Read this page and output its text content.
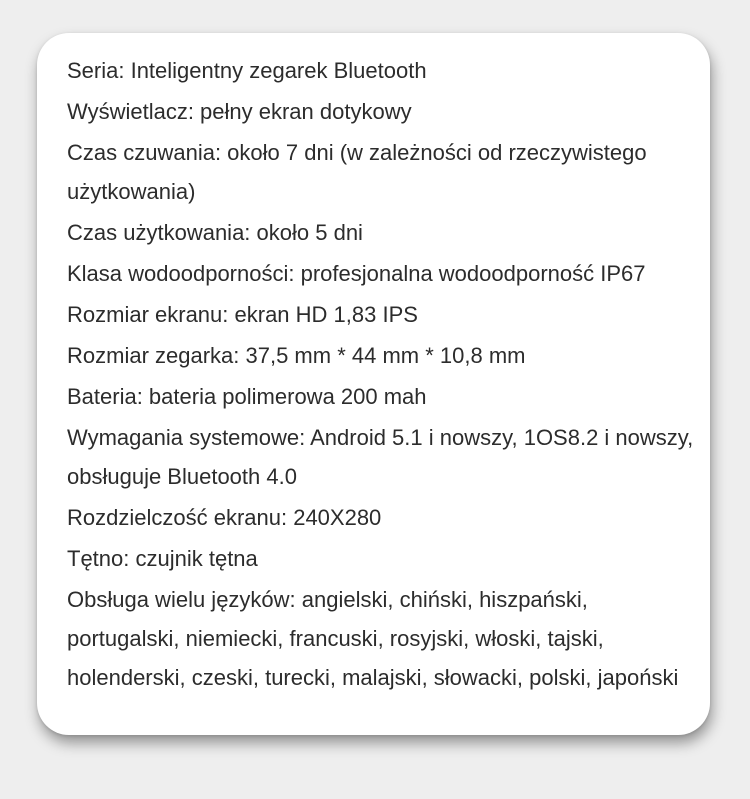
Seria: Inteligentny zegarek Bluetooth
Wyświetlacz: pełny ekran dotykowy
Czas czuwania: około 7 dni (w zależności od rzeczywistego użytkowania)
Czas użytkowania: około 5 dni
Klasa wodoodporności: profesjonalna wodoodporność IP67
Rozmiar ekranu: ekran HD 1,83 IPS
Rozmiar zegarka: 37,5 mm * 44 mm * 10,8 mm
Bateria: bateria polimerowa 200 mah
Wymagania systemowe: Android 5.1 i nowszy, 1OS8.2 i nowszy, obsługuje Bluetooth 4.0
Rozdzielczość ekranu: 240X280
Tętno: czujnik tętna
Obsługa wielu języków: angielski, chiński, hiszpański, portugalski, niemiecki, francuski, rosyjski, włoski, tajski, holenderski, czeski, turecki, malajski, słowacki, polski, japoński
